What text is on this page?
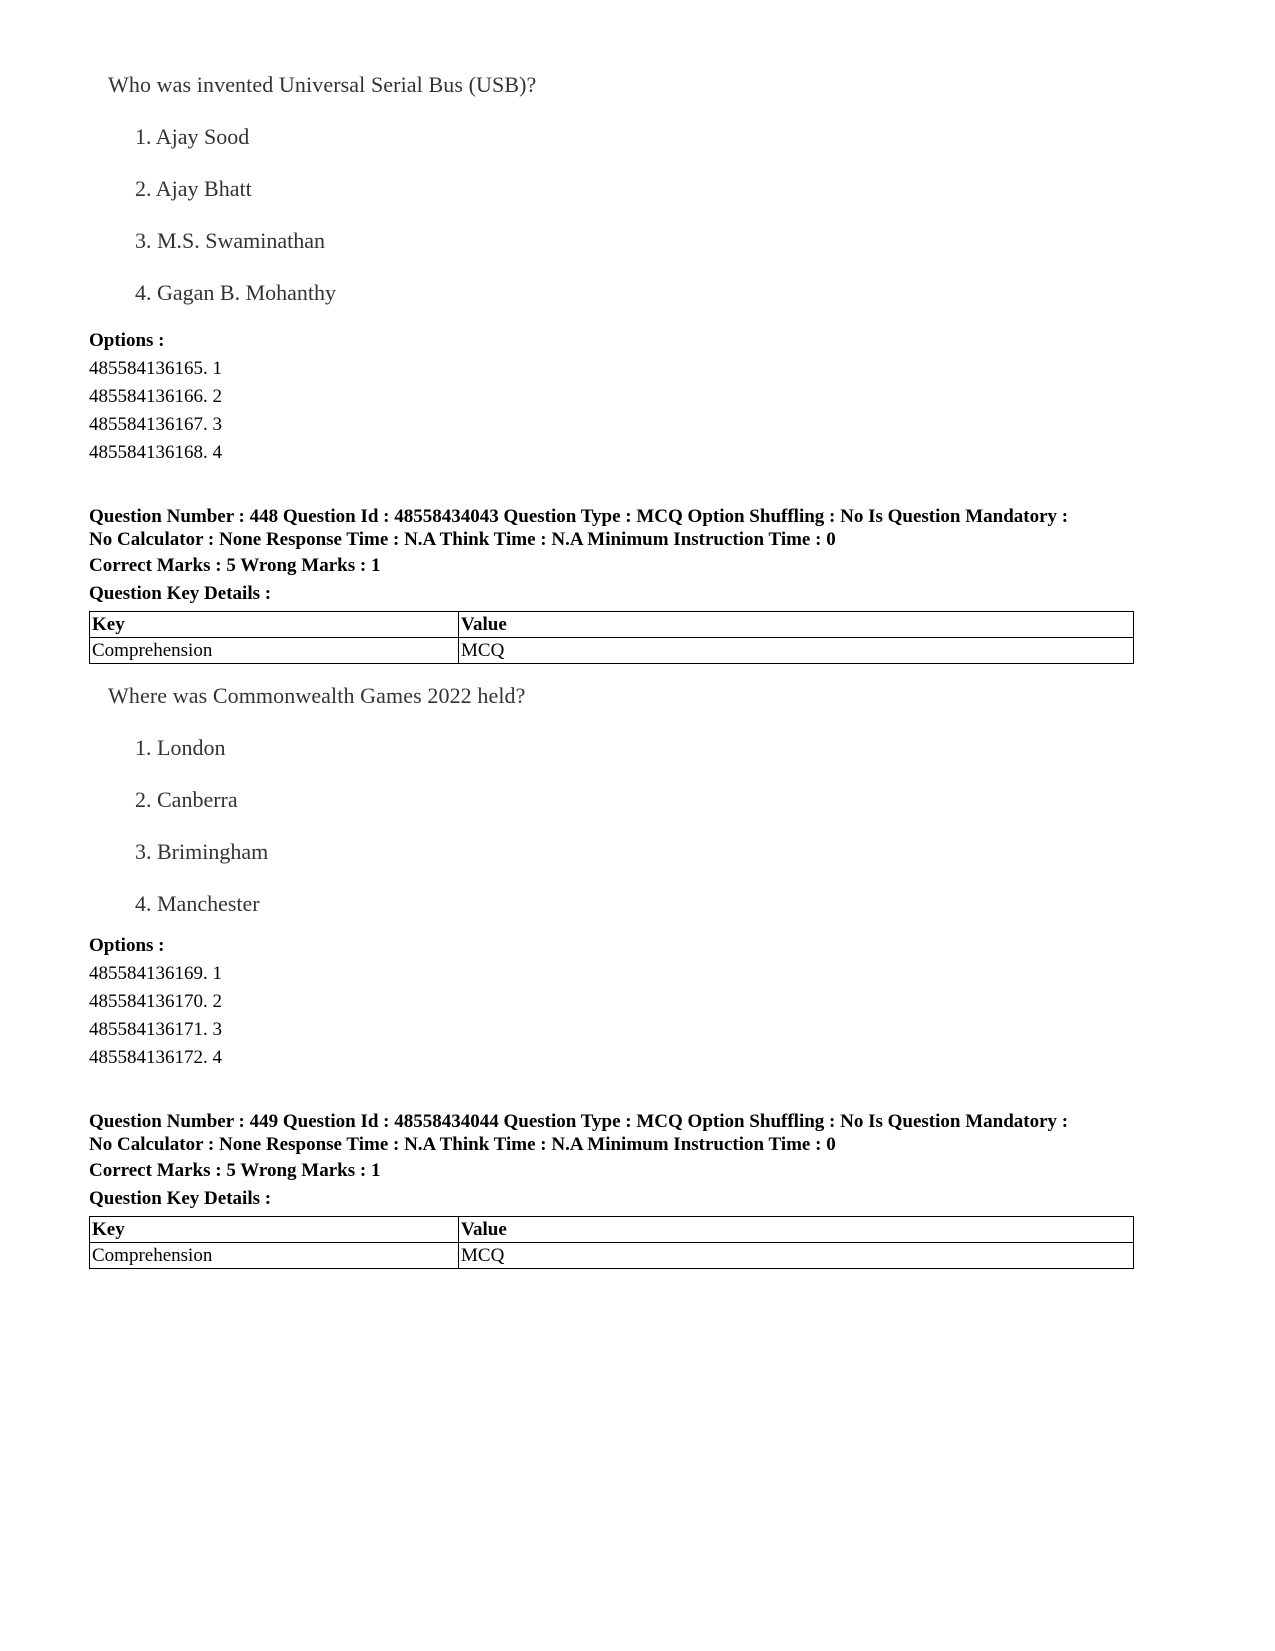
Who was invented Universal Serial Bus (USB)?
1. Ajay Sood
2. Ajay Bhatt
3. M.S. Swaminathan
4. Gagan B. Mohanthy
Options :
485584136165. 1
485584136166. 2
485584136167. 3
485584136168. 4
Question Number : 448 Question Id : 48558434043 Question Type : MCQ Option Shuffling : No Is Question Mandatory :
No Calculator : None Response Time : N.A Think Time : N.A Minimum Instruction Time : 0
Correct Marks : 5 Wrong Marks : 1
Question Key Details :
Key	Value
Comprehension	MCQ
Where was Commonwealth Games 2022 held?
1. London
2. Canberra
3. Brimingham
4. Manchester
Options :
485584136169. 1
485584136170. 2
485584136171. 3
485584136172. 4
Question Number : 449 Question Id : 48558434044 Question Type : MCQ Option Shuffling : No Is Question Mandatory :
No Calculator : None Response Time : N.A Think Time : N.A Minimum Instruction Time : 0
Correct Marks : 5 Wrong Marks : 1
Question Key Details :
Key	Value
Comprehension	MCQ
